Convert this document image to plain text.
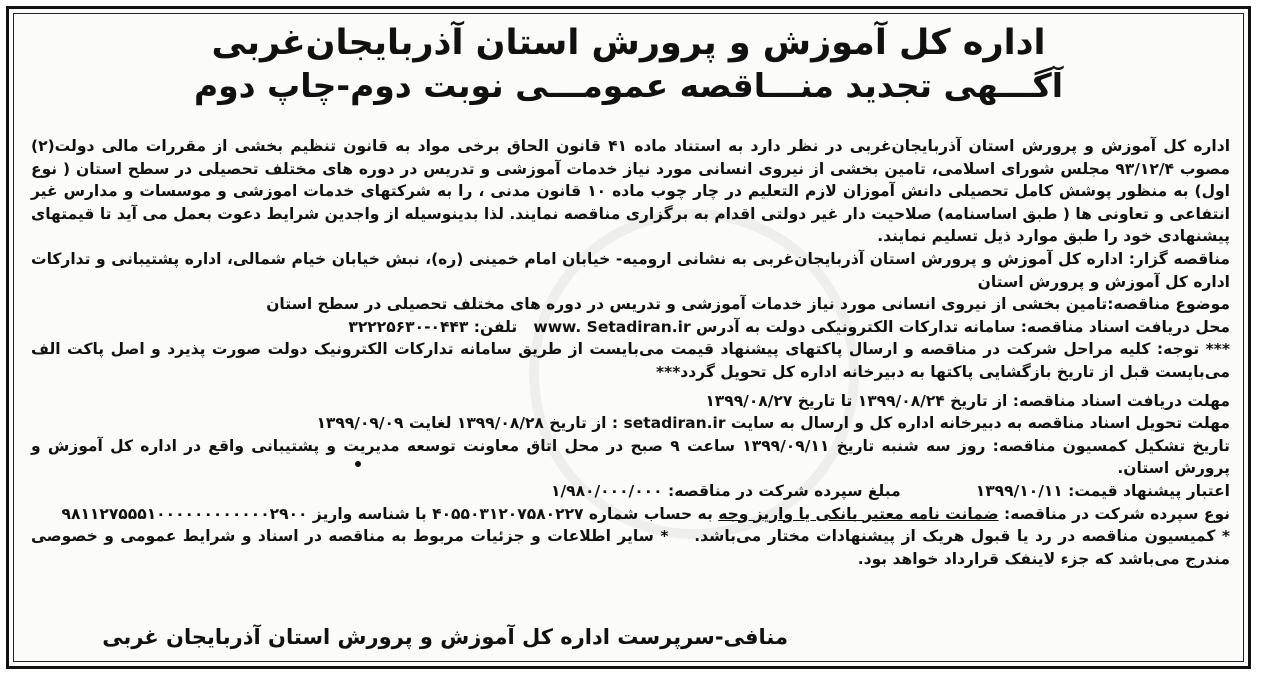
اداره کل آموزش و پرورش استان آذربایجان‌غربی
آگـــهی تجدید منـــاقصه عمومـــی نوبت دوم-چاپ دوم

اداره کل آموزش و پرورش استان آذربایجان‌غربی در نظر دارد به استناد ماده ۴۱ قانون الحاق برخی مواد به قانون تنظیم بخشی از مقررات مالی دولت(۲) مصوب ۹۳/۱۲/۴ مجلس شورای اسلامی، تامین بخشی از نیروی انسانی مورد نیاز خدمات آموزشی و تدریس در دوره های مختلف تحصیلی در سطح استان ( نوع اول) به منظور پوشش کامل تحصیلی دانش آموزان لازم التعلیم در چار چوب ماده ۱۰ قانون مدنی ، را به شرکتهای خدمات اموزشی و موسسات و مدارس غیر انتفاعی و تعاونی ها ( طبق اساسنامه) صلاحیت دار غیر دولتی اقدام به برگزاری مناقصه نمایند. لذا بدینوسیله از واجدین شرایط دعوت بعمل می آید تا قیمتهای پیشنهادی خود را طبق موارد ذیل تسلیم نمایند.

مناقصه گزار: اداره کل آموزش و پرورش استان آذربایجان‌غربی به نشانی ارومیه- خیابان امام خمینی (ره)، نبش خیابان خیام شمالی، اداره پشتیبانی و تدارکات اداره کل آموزش و پرورش استان

موضوع مناقصه:تامین بخشی از نیروی انسانی مورد نیاز خدمات آموزشی و تدریس در دوره های مختلف تحصیلی در سطح استان

محل دریافت اسناد مناقصه: سامانه تدارکات الکترونیکی دولت به آدرس www. Setadiran.ir   تلفن: ۰۴۴۳-۳۲۲۲۵۶۳۰

*** توجه: کلیه مراحل شرکت در مناقصه و ارسال پاکتهای پیشنهاد قیمت می‌بایست از طریق سامانه تدارکات الکترونیک دولت صورت پذیرد و اصل پاکت الف می‌بایست قبل از تاریخ بازگشایی پاکتها به دبیرخانه اداره کل تحویل گردد***

مهلت دریافت اسناد مناقصه: از تاریخ ۱۳۹۹/۰۸/۲۴ تا تاریخ ۱۳۹۹/۰۸/۲۷

مهلت تحویل اسناد مناقصه به دبیرخانه اداره کل و ارسال به سایت setadiran.ir : از تاریخ ۱۳۹۹/۰۸/۲۸ لغایت ۱۳۹۹/۰۹/۰۹

تاریخ تشکیل کمسیون مناقصه: روز سه شنبه تاریخ ۱۳۹۹/۰۹/۱۱ ساعت ۹ صبح در محل اتاق معاونت توسعه مدیریت و پشتیبانی واقع در اداره کل آموزش و پرورش استان.

اعتبار پیشنهاد قیمت: ۱۳۹۹/۱۰/۱۱
مبلغ سپرده شرکت در مناقصه: ۱/۹۸۰/۰۰۰/۰۰۰

نوع سپرده شرکت در مناقصه: ضمانت نامه معتبر بانکی یا واریز وجه به حساب شماره ۴۰۵۵۰۳۱۲۰۷۵۸۰۲۲۷ با شناسه واریز ۹۸۱۱۲۷۵۵۵۱۰۰۰۰۰۰۰۰۰۰۰۰۲۹۰۰

* کمیسیون مناقصه در رد یا قبول هریک از پیشنهادات مختار می‌باشد.    * سایر اطلاعات و جزئیات مربوط به مناقصه در اسناد و شرایط عمومی و خصوصی مندرج می‌باشد که جزء لاینفک قرارداد خواهد بود.

منافی-سرپرست اداره کل آموزش و پرورش استان آذربایجان غربی
